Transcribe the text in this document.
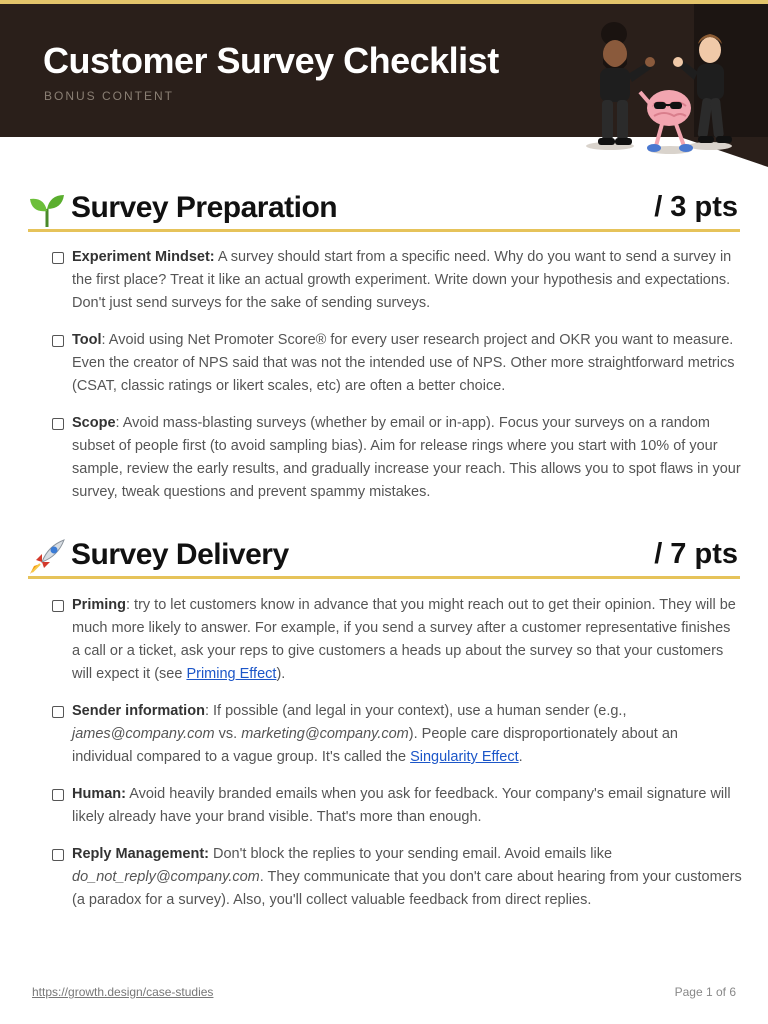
Customer Survey Checklist
BONUS CONTENT
Survey Preparation	/ 3 pts
Experiment Mindset: A survey should start from a specific need. Why do you want to send a survey in the first place? Treat it like an actual growth experiment. Write down your hypothesis and expectations. Don't just send surveys for the sake of sending surveys.
Tool: Avoid using Net Promoter Score® for every user research project and OKR you want to measure. Even the creator of NPS said that was not the intended use of NPS. Other more straightforward metrics (CSAT, classic ratings or likert scales, etc) are often a better choice.
Scope: Avoid mass-blasting surveys (whether by email or in-app). Focus your surveys on a random subset of people first (to avoid sampling bias). Aim for release rings where you start with 10% of your sample, review the early results, and gradually increase your reach. This allows you to spot flaws in your survey, tweak questions and prevent spammy mistakes.
Survey Delivery	/ 7 pts
Priming: try to let customers know in advance that you might reach out to get their opinion. They will be much more likely to answer. For example, if you send a survey after a customer representative finishes a call or a ticket, ask your reps to give customers a heads up about the survey so that your customers will expect it (see Priming Effect).
Sender information: If possible (and legal in your context), use a human sender (e.g., james@company.com vs. marketing@company.com). People care disproportionately about an individual compared to a vague group. It's called the Singularity Effect.
Human: Avoid heavily branded emails when you ask for feedback. Your company's email signature will likely already have your brand visible. That's more than enough.
Reply Management: Don't block the replies to your sending email. Avoid emails like do_not_reply@company.com. They communicate that you don't care about hearing from your customers (a paradox for a survey). Also, you'll collect valuable feedback from direct replies.
https://growth.design/case-studies	Page 1 of 6
